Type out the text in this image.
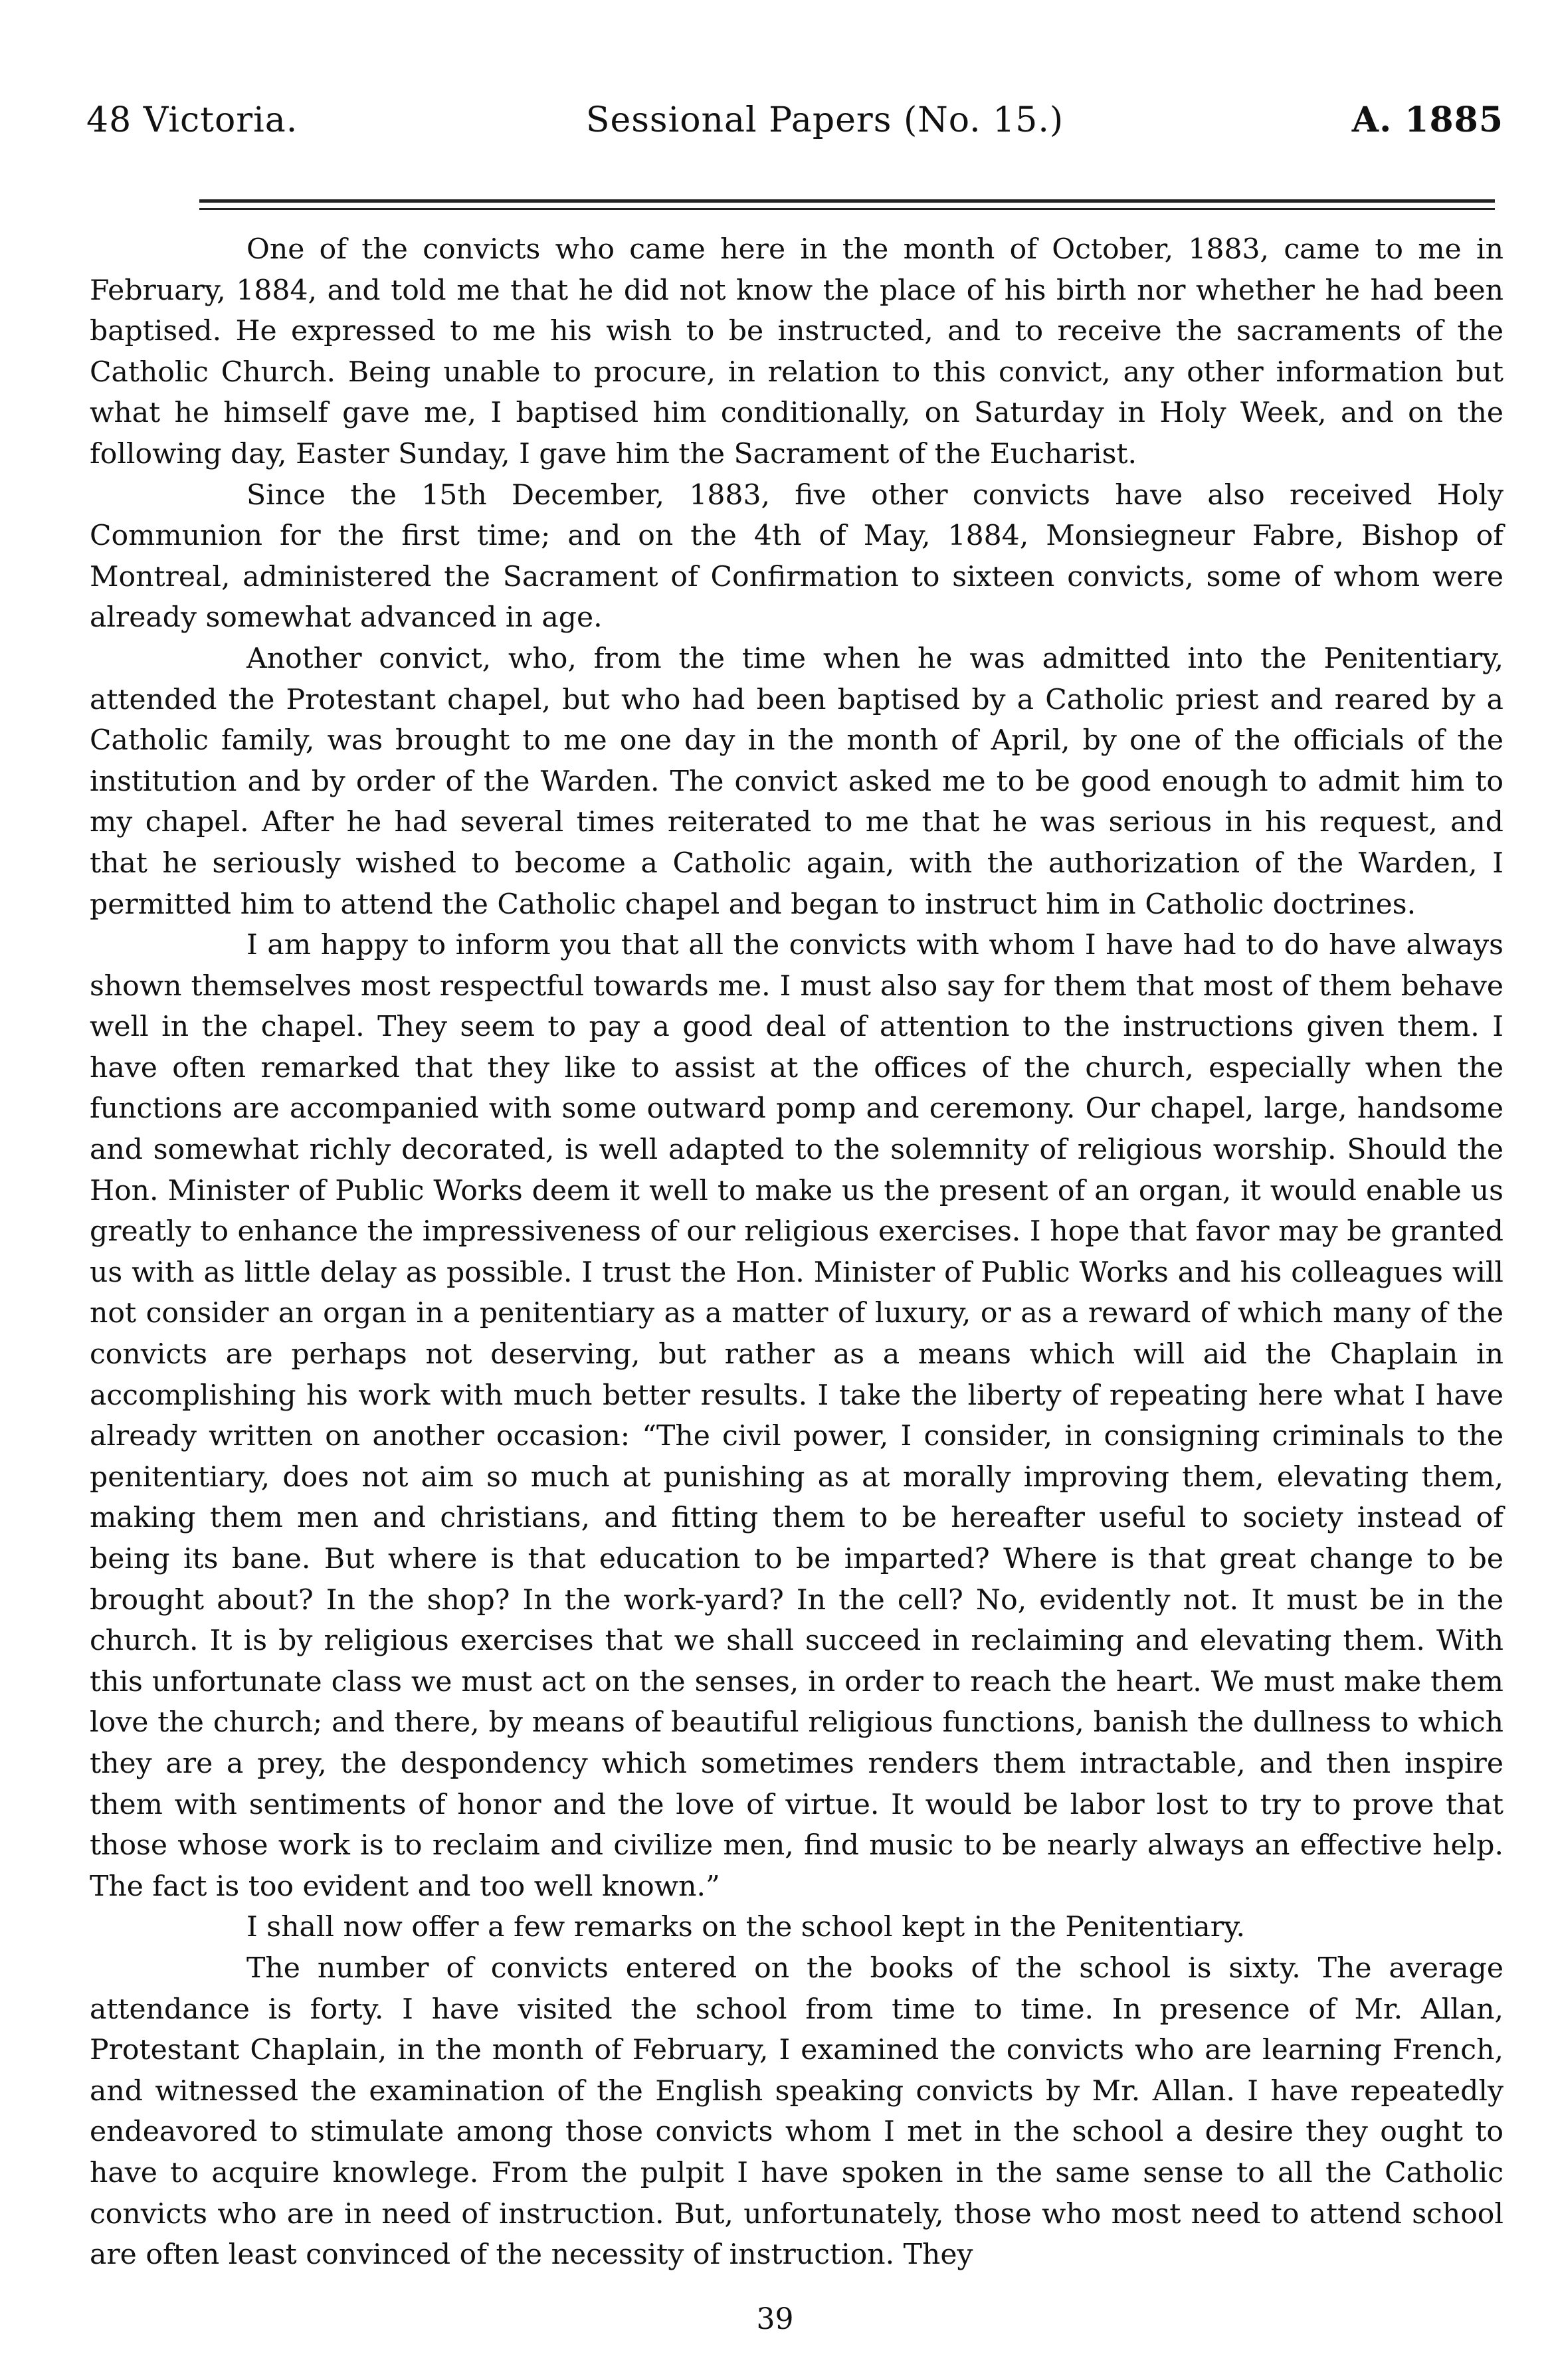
48 Victoria.	Sessional Papers (No. 15.)	A. 1885

One of the convicts who came here in the month of October, 1883, came to me in February, 1884, and told me that he did not know the place of his birth nor whether he had been baptised. He expressed to me his wish to be instructed, and to receive the sacraments of the Catholic Church. Being unable to procure, in relation to this convict, any other information but what he himself gave me, I baptised him conditionally, on Saturday in Holy Week, and on the following day, Easter Sunday, I gave him the Sacrament of the Eucharist.

Since the 15th December, 1883, five other convicts have also received Holy Communion for the first time; and on the 4th of May, 1884, Monsiegneur Fabre, Bishop of Montreal, administered the Sacrament of Confirmation to sixteen convicts, some of whom were already somewhat advanced in age.

Another convict, who, from the time when he was admitted into the Penitentiary, attended the Protestant chapel, but who had been baptised by a Catholic priest and reared by a Catholic family, was brought to me one day in the month of April, by one of the officials of the institution and by order of the Warden. The convict asked me to be good enough to admit him to my chapel. After he had several times reiterated to me that he was serious in his request, and that he seriously wished to become a Catholic again, with the authorization of the Warden, I permitted him to attend the Catholic chapel and began to instruct him in Catholic doctrines.

I am happy to inform you that all the convicts with whom I have had to do have always shown themselves most respectful towards me. I must also say for them that most of them behave well in the chapel. They seem to pay a good deal of attention to the instructions given them. I have often remarked that they like to assist at the offices of the church, especially when the functions are accompanied with some outward pomp and ceremony. Our chapel, large, handsome and somewhat richly decorated, is well adapted to the solemnity of religious worship. Should the Hon. Minister of Public Works deem it well to make us the present of an organ, it would enable us greatly to enhance the impressiveness of our religious exercises. I hope that favor may be granted us with as little delay as possible. I trust the Hon. Minister of Public Works and his colleagues will not consider an organ in a penitentiary as a matter of luxury, or as a reward of which many of the convicts are perhaps not deserving, but rather as a means which will aid the Chaplain in accomplishing his work with much better results. I take the liberty of repeating here what I have already written on another occasion: “The civil power, I consider, in consigning criminals to the penitentiary, does not aim so much at punishing as at morally improving them, elevating them, making them men and christians, and fitting them to be hereafter useful to society instead of being its bane. But where is that education to be imparted? Where is that great change to be brought about? In the shop? In the work-yard? In the cell? No, evidently not. It must be in the church. It is by religious exercises that we shall succeed in reclaiming and elevating them. With this unfortunate class we must act on the senses, in order to reach the heart. We must make them love the church; and there, by means of beautiful religious functions, banish the dullness to which they are a prey, the despondency which sometimes renders them intractable, and then inspire them with sentiments of honor and the love of virtue. It would be labor lost to try to prove that those whose work is to reclaim and civilize men, find music to be nearly always an effective help. The fact is too evident and too well known.”

I shall now offer a few remarks on the school kept in the Penitentiary.

The number of convicts entered on the books of the school is sixty. The average attendance is forty. I have visited the school from time to time. In presence of Mr. Allan, Protestant Chaplain, in the month of February, I examined the convicts who are learning French, and witnessed the examination of the English speaking convicts by Mr. Allan. I have repeatedly endeavored to stimulate among those convicts whom I met in the school a desire they ought to have to acquire knowlege. From the pulpit I have spoken in the same sense to all the Catholic convicts who are in need of instruction. But, unfortunately, those who most need to attend school are often least convinced of the necessity of instruction. They

39
